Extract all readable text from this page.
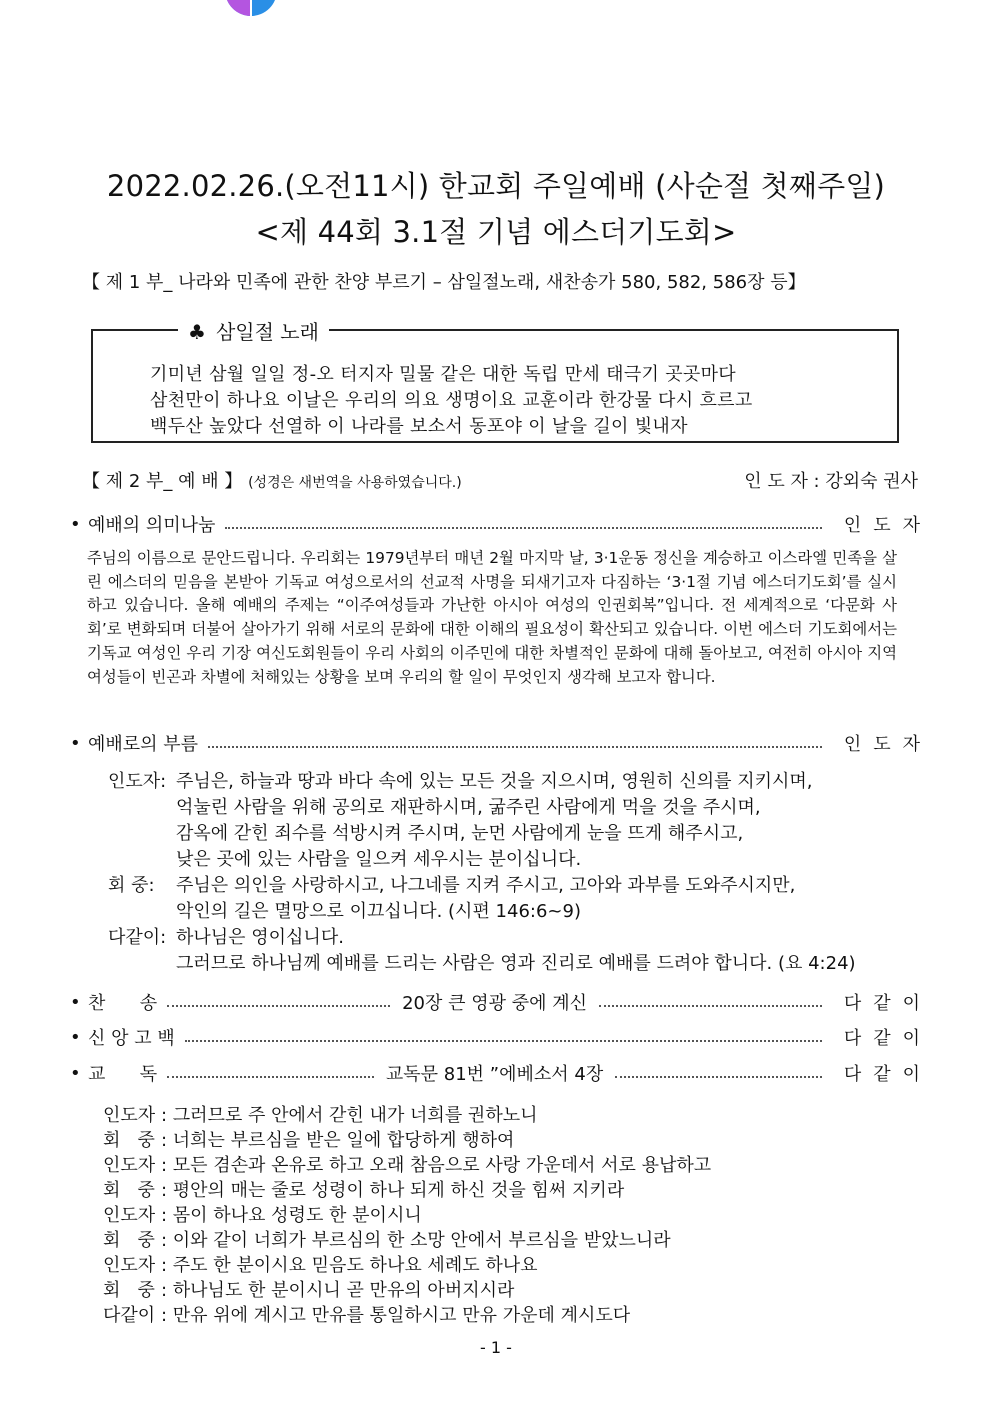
2022.02.26.(오전11시) 한교회 주일예배 (사순절 첫째주일)
<제 44회 3.1절 기념 에스더기도회>
【 제 1 부_ 나라와 민족에 관한 찬양 부르기 – 삼일절노래, 새찬송가 580, 582, 586장 등】
♣ 삼일절 노래
기미년 삼월 일일 정-오 터지자 밀물 같은 대한 독립 만세 태극기 곳곳마다
삼천만이 하나요 이날은 우리의 의요 생명이요 교훈이라 한강물 다시 흐르고
백두산 높았다 선열하 이 나라를 보소서 동포야 이 날을 길이 빛내자
【 제 2 부_ 예 배 】 (성경은 새번역을 사용하였습니다.)	인 도 자 : 강외숙 권사
• 예배의 의미나눔	인도자
주님의 이름으로 문안드립니다. 우리회는 1979년부터 매년 2월 마지막 날, 3·1운동 정신을 계승하고 이스라엘 민족을 살린 에스더의 믿음을 본받아 기독교 여성으로서의 선교적 사명을 되새기고자 다짐하는 ‘3·1절 기념 에스더기도회’를 실시하고 있습니다. 올해 예배의 주제는 “이주여성들과 가난한 아시아 여성의 인권회복”입니다. 전 세계적으로 ‘다문화 사회’로 변화되며 더불어 살아가기 위해 서로의 문화에 대한 이해의 필요성이 확산되고 있습니다. 이번 에스더 기도회에서는 기독교 여성인 우리 기장 여신도회원들이 우리 사회의 이주민에 대한 차별적인 문화에 대해 돌아보고, 여전히 아시아 지역 여성들이 빈곤과 차별에 처해있는 상황을 보며 우리의 할 일이 무엇인지 생각해 보고자 합니다.
• 예배로의 부름	인도자
인도자: 주님은, 하늘과 땅과 바다 속에 있는 모든 것을 지으시며, 영원히 신의를 지키시며,
억눌린 사람을 위해 공의로 재판하시며, 굶주린 사람에게 먹을 것을 주시며,
감옥에 갇힌 죄수를 석방시켜 주시며, 눈먼 사람에게 눈을 뜨게 해주시고,
낮은 곳에 있는 사람을 일으켜 세우시는 분이십니다.
회 중: 주님은 의인을 사랑하시고, 나그네를 지켜 주시고, 고아와 과부를 도와주시지만,
악인의 길은 멸망으로 이끄십니다. (시편 146:6~9)
다같이: 하나님은 영이십니다.
그러므로 하나님께 예배를 드리는 사람은 영과 진리로 예배를 드려야 합니다. (요 4:24)
• 찬      송	20장 큰 영광 중에 계신	다같이
• 신 앙 고 백	다같이
• 교      독	교독문 81번 ”에베소서 4장	다같이
인도자 : 그러므로 주 안에서 갇힌 내가 너희를 권하노니
회   중 : 너희는 부르심을 받은 일에 합당하게 행하여
인도자 : 모든 겸손과 온유로 하고 오래 참음으로 사랑 가운데서 서로 용납하고
회   중 : 평안의 매는 줄로 성령이 하나 되게 하신 것을 힘써 지키라
인도자 : 몸이 하나요 성령도 한 분이시니
회   중 : 이와 같이 너희가 부르심의 한 소망 안에서 부르심을 받았느니라
인도자 : 주도 한 분이시요 믿음도 하나요 세례도 하나요
회   중 : 하나님도 한 분이시니 곧 만유의 아버지시라
다같이 : 만유 위에 계시고 만유를 통일하시고 만유 가운데 계시도다
- 1 -
